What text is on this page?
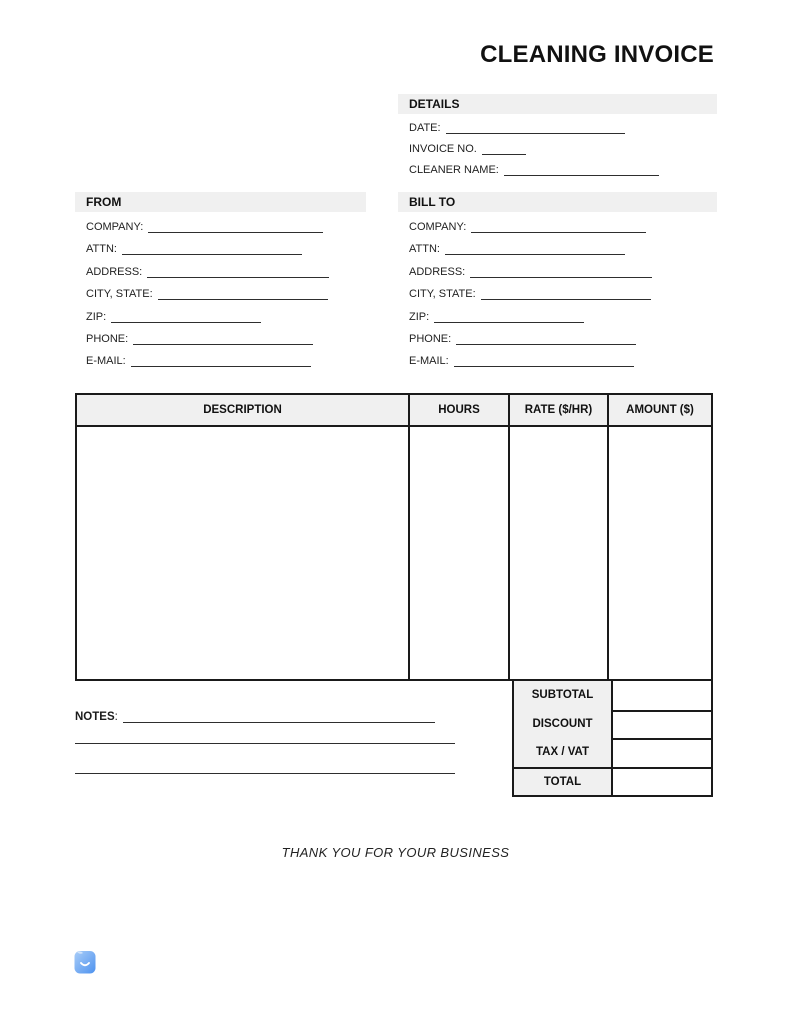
CLEANING INVOICE
DETAILS
DATE:
INVOICE NO.
CLEANER NAME:
FROM
COMPANY:
ATTN:
ADDRESS:
CITY, STATE:
ZIP:
PHONE:
E-MAIL:
BILL TO
COMPANY:
ATTN:
ADDRESS:
CITY, STATE:
ZIP:
PHONE:
E-MAIL:
DESCRIPTION	HOURS	RATE ($/HR)	AMOUNT ($)
SUBTOTAL
DISCOUNT
TAX / VAT
TOTAL
NOTES:
THANK YOU FOR YOUR BUSINESS
